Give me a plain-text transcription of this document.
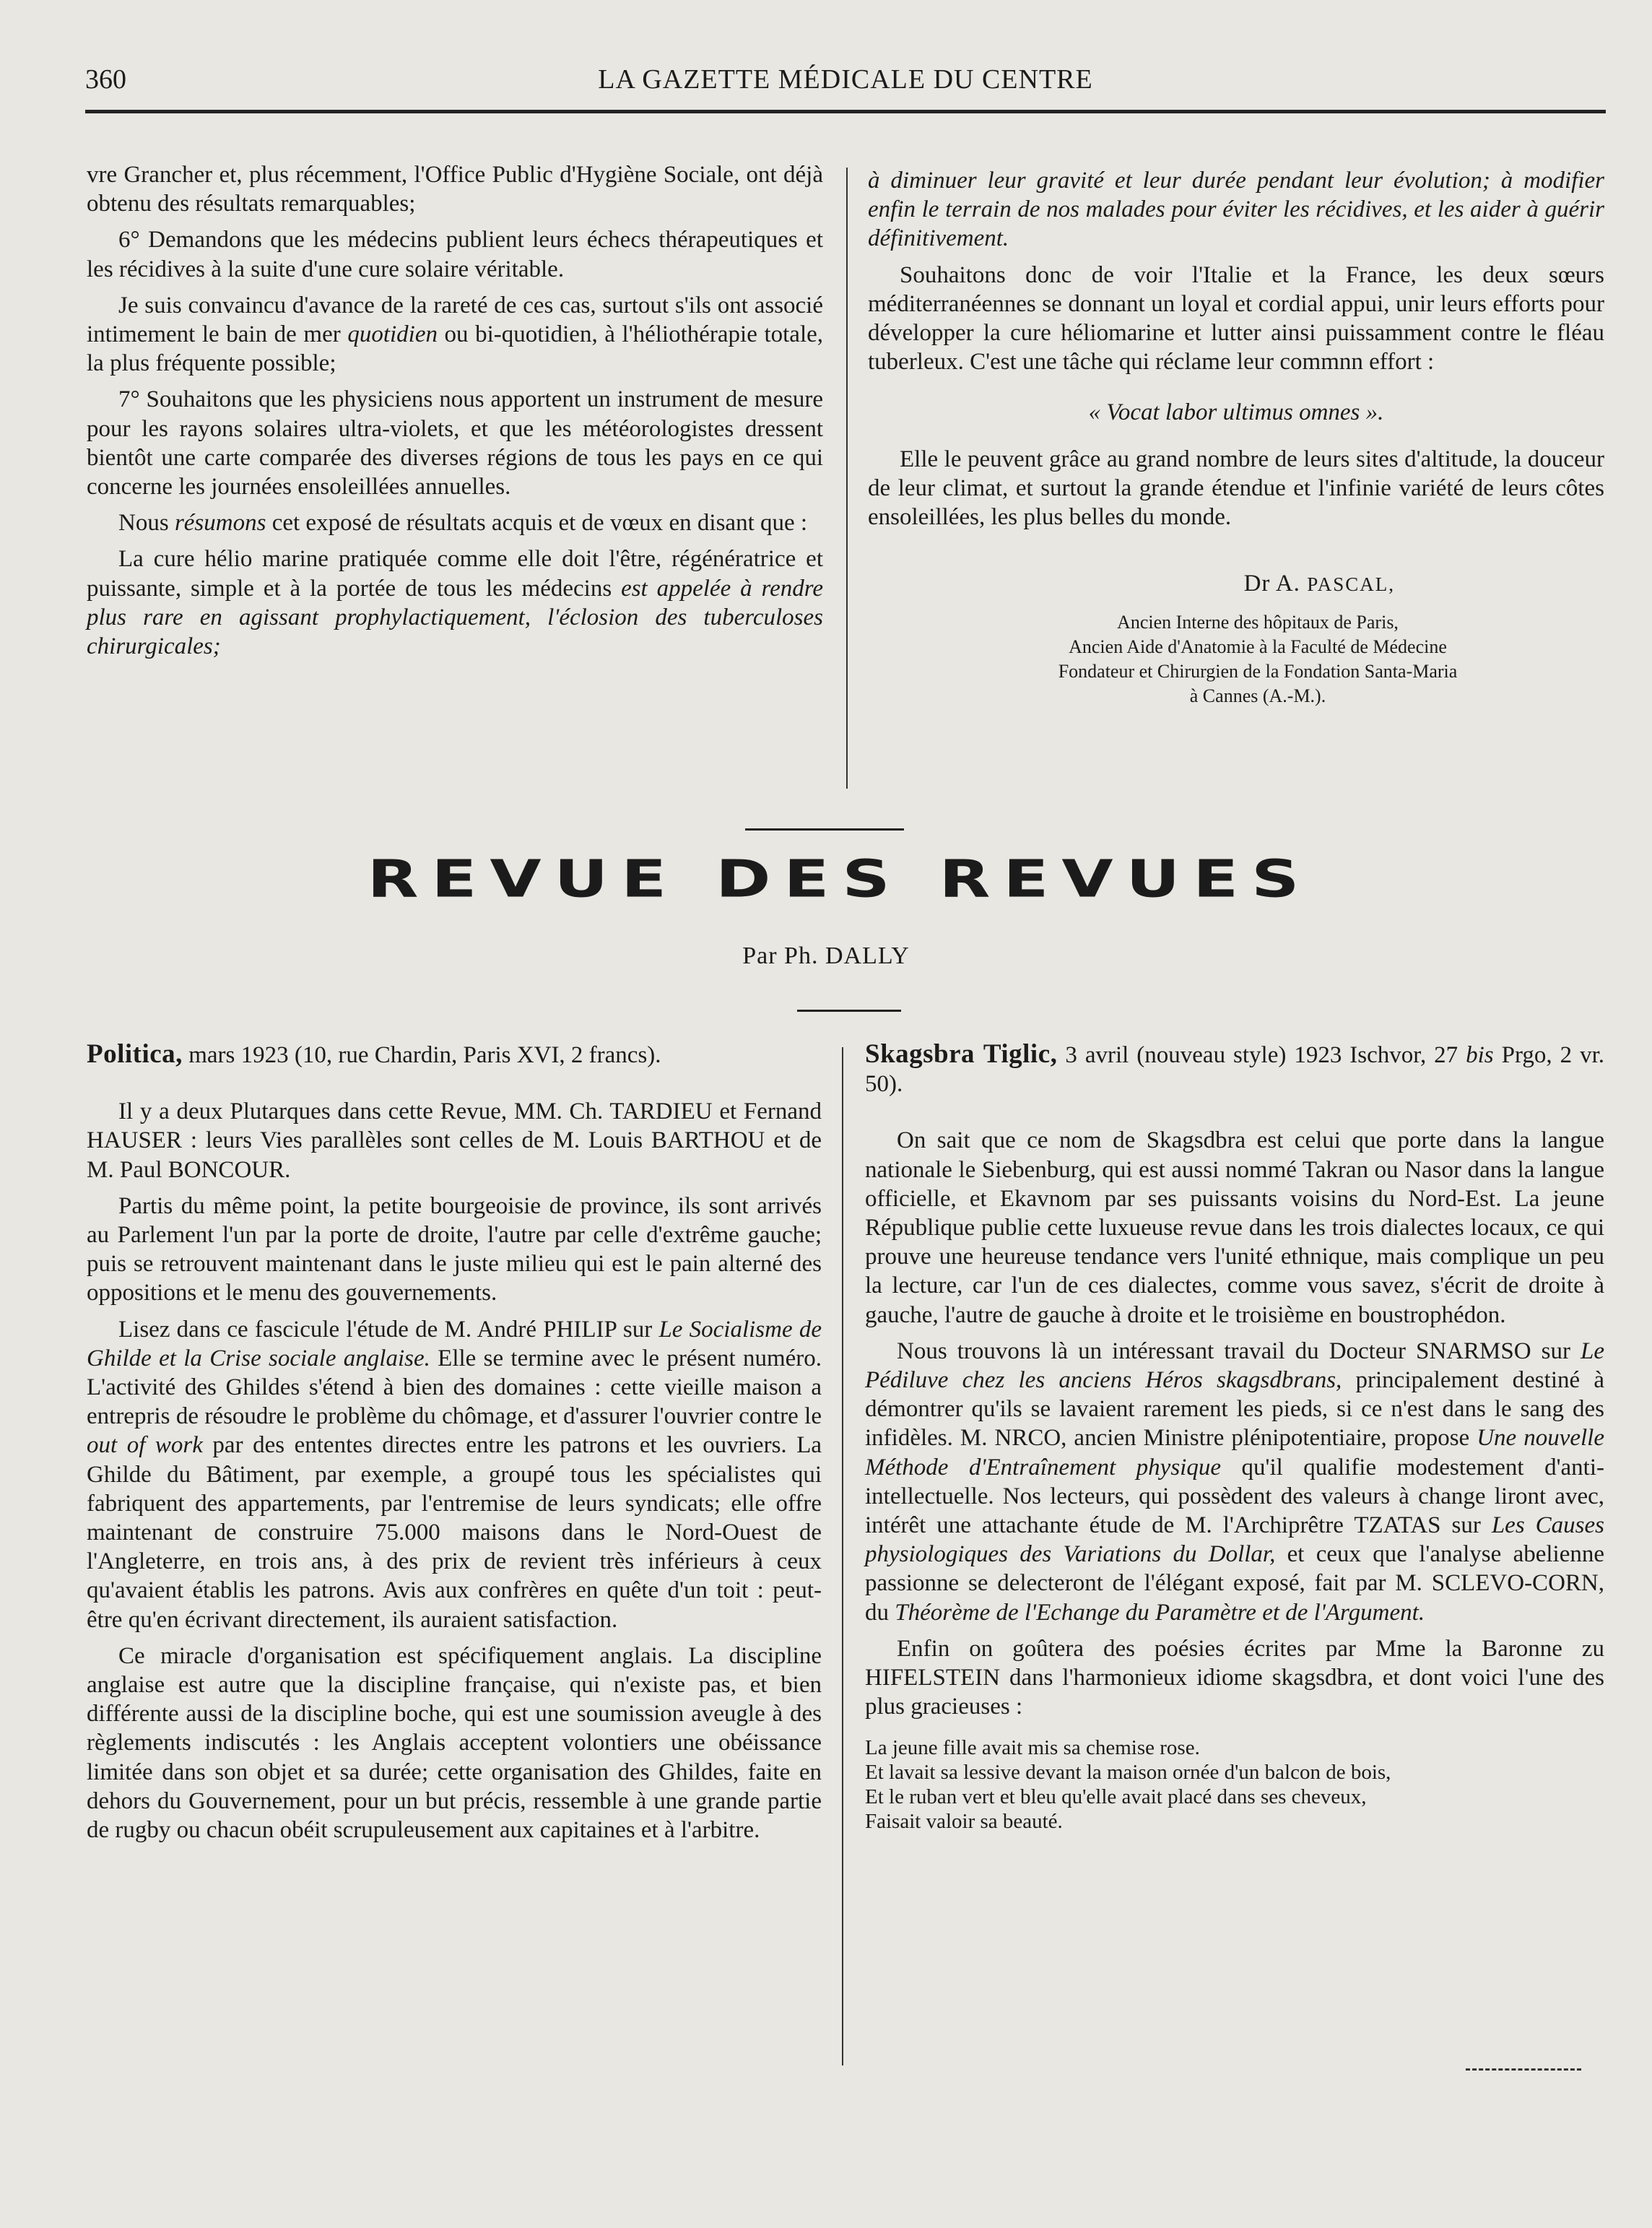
360	LA GAZETTE MÉDICALE DU CENTRE

vre Grancher et, plus récemment, l'Office Public d'Hygiène Sociale, ont déjà obtenu des résultats remarquables;

6° Demandons que les médecins publient leurs échecs thérapeutiques et les récidives à la suite d'une cure solaire véritable.

Je suis convaincu d'avance de la rareté de ces cas, surtout s'ils ont associé intimement le bain de mer quotidien ou bi-quotidien, à l'héliothérapie totale, la plus fréquente possible;

7° Souhaitons que les physiciens nous apportent un instrument de mesure pour les rayons solaires ultra-violets, et que les météorologistes dressent bientôt une carte comparée des diverses régions de tous les pays en ce qui concerne les journées ensoleillées annuelles.

Nous résumons cet exposé de résultats acquis et de vœux en disant que :

La cure hélio marine pratiquée comme elle doit l'être, régénératrice et puissante, simple et à la portée de tous les médecins est appelée à rendre plus rare en agissant prophylactiquement, l'éclosion des tuberculoses chirurgicales;

à diminuer leur gravité et leur durée pendant leur évolution; à modifier enfin le terrain de nos malades pour éviter les récidives, et les aider à guérir définitivement.

Souhaitons donc de voir l'Italie et la France, les deux sœurs méditerranéennes se donnant un loyal et cordial appui, unir leurs efforts pour développer la cure héliomarine et lutter ainsi puissamment contre le fléau tuberleux. C'est une tâche qui réclame leur commnn effort :

« Vocat labor ultimus omnes ».

Elle le peuvent grâce au grand nombre de leurs sites d'altitude, la douceur de leur climat, et surtout la grande étendue et l'infinie variété de leurs côtes ensoleillées, les plus belles du monde.

Dr A. PASCAL,

Ancien Interne des hôpitaux de Paris,
Ancien Aide d'Anatomie à la Faculté de Médecine
Fondateur et Chirurgien de la Fondation Santa-Maria
à Cannes (A.-M.).
REVUE DES REVUES
Par Ph. DALLY

Politica, mars 1923 (10, rue Chardin, Paris XVI, 2 francs).

Il y a deux Plutarques dans cette Revue, MM. Ch. TARDIEU et Fernand HAUSER : leurs Vies parallèles sont celles de M. Louis BARTHOU et de M. Paul BONCOUR.

Partis du même point, la petite bourgeoisie de province, ils sont arrivés au Parlement l'un par la porte de droite, l'autre par celle d'extrême gauche; puis se retrouvent maintenant dans le juste milieu qui est le pain alterné des oppositions et le menu des gouvernements.

Lisez dans ce fascicule l'étude de M. André PHILIP sur Le Socialisme de Ghilde et la Crise sociale anglaise. Elle se termine avec le présent numéro. L'activité des Ghildes s'étend à bien des domaines : cette vieille maison a entrepris de résoudre le problème du chômage, et d'assurer l'ouvrier contre le out of work par des ententes directes entre les patrons et les ouvriers. La Ghilde du Bâtiment, par exemple, a groupé tous les spécialistes qui fabriquent des appartements, par l'entremise de leurs syndicats; elle offre maintenant de construire 75.000 maisons dans le Nord-Ouest de l'Angleterre, en trois ans, à des prix de revient très inférieurs à ceux qu'avaient établis les patrons. Avis aux confrères en quête d'un toit : peut-être qu'en écrivant directement, ils auraient satisfaction.

Ce miracle d'organisation est spécifiquement anglais. La discipline anglaise est autre que la discipline française, qui n'existe pas, et bien différente aussi de la discipline boche, qui est une soumission aveugle à des règlements indiscutés : les Anglais acceptent volontiers une obéissance limitée dans son objet et sa durée; cette organisation des Ghildes, faite en dehors du Gouvernement, pour un but précis, ressemble à une grande partie de rugby ou chacun obéit scrupuleusement aux capitaines et à l'arbitre.

Skagsbra Tiglic, 3 avril (nouveau style) 1923 Ischvor, 27 bis Prgo, 2 vr. 50).

On sait que ce nom de Skagsdbra est celui que porte dans la langue nationale le Siebenburg, qui est aussi nommé Takran ou Nasor dans la langue officielle, et Ekavnom par ses puissants voisins du Nord-Est. La jeune République publie cette luxueuse revue dans les trois dialectes locaux, ce qui prouve une heureuse tendance vers l'unité ethnique, mais complique un peu la lecture, car l'un de ces dialectes, comme vous savez, s'écrit de droite à gauche, l'autre de gauche à droite et le troisième en boustrophédon.

Nous trouvons là un intéressant travail du Docteur SNARMSO sur Le Pédiluve chez les anciens Héros skagsdbrans, principalement destiné à démontrer qu'ils se lavaient rarement les pieds, si ce n'est dans le sang des infidèles. M. NRCO, ancien Ministre plénipotentiaire, propose Une nouvelle Méthode d'Entraînement physique qu'il qualifie modestement d'anti-intellectuelle. Nos lecteurs, qui possèdent des valeurs à change liront avec, intérêt une attachante étude de M. l'Archiprêtre TZATAS sur Les Causes physiologiques des Variations du Dollar, et ceux que l'analyse abelienne passionne se delecteront de l'élégant exposé, fait par M. SCLEVO-CORN, du Théorème de l'Echange du Paramètre et de l'Argument.

Enfin on goûtera des poésies écrites par Mme la Baronne zu HIFELSTEIN dans l'harmonieux idiome skagsdbra, et dont voici l'une des plus gracieuses :

La jeune fille avait mis sa chemise rose.
Et lavait sa lessive devant la maison ornée d'un balcon de bois,
Et le ruban vert et bleu qu'elle avait placé dans ses cheveux,
Faisait valoir sa beauté.
